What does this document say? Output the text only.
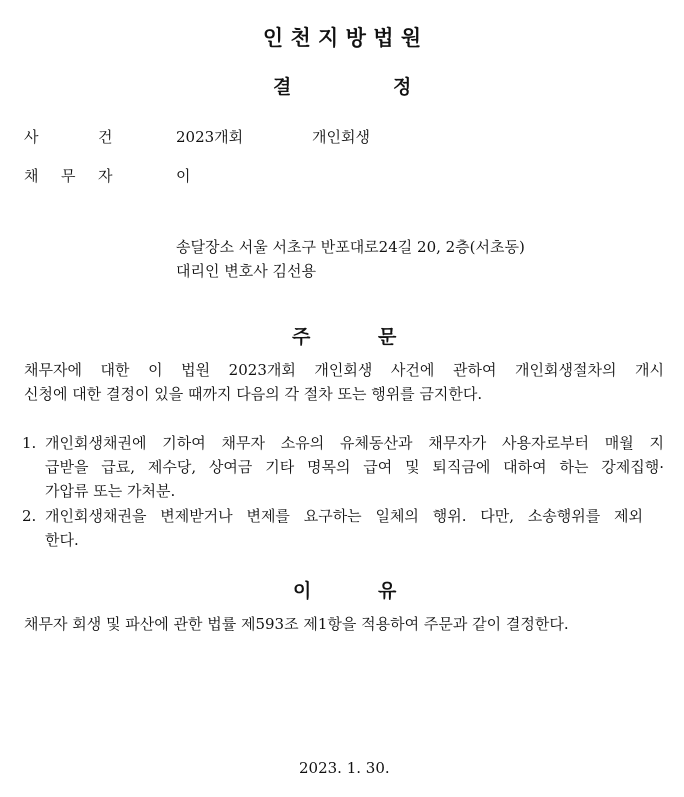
인 천 지 방 법 원
결	정
사	건	2023개회	개인회생
채 무 자	이
송달장소 서울 서초구 반포대로24길 20, 2층(서초동)
대리인 변호사 김선용
주	문
채무자에 대한 이 법원 2023개회 개인회생 사건에 관하여 개인회생절차의 개시
신청에 대한 결정이 있을 때까지 다음의 각 절차 또는 행위를 금지한다.
1. 개인회생채권에 기하여 채무자 소유의 유체동산과 채무자가 사용자로부터 매월 지
급받을 급료, 제수당, 상여금 기타 명목의 급여 및 퇴직금에 대하여 하는 강제집행·
가압류 또는 가처분.
2. 개인회생채권을 변제받거나 변제를 요구하는 일체의 행위. 다만, 소송행위를 제외
한다.
이	유
채무자 회생 및 파산에 관한 법률 제593조 제1항을 적용하여 주문과 같이 결정한다.
2023. 1. 30.
